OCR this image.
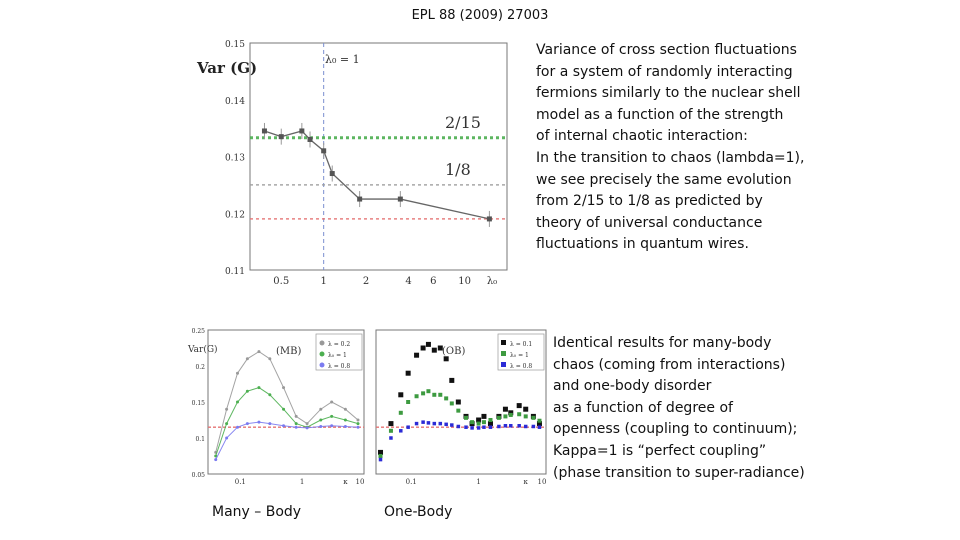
EPL 88 (2009) 27003
2/15
1/8
0.11
0.12
0.13
0.14
0.15
0.5	1	2	4 6 10 λ₀
Var (G)	λ₀ = 1
Variance of cross section fluctuations
for a system of randomly interacting
fermions similarly to the nuclear shell
model as a function of the strength
of internal chaotic interaction:
In the transition to chaos (lambda=1),
we see precisely the same evolution
from 2/15 to 1/8 as predicted by
theory of universal conductance
fluctuations in quantum wires.
0.25
0.2
0.15
0.1
0.05
0.1	1	κ 10
Var(G)	(MB)
λ = 0.2
λ₀ = 1
λ = 0.8
0.1	1	κ 10
(OB)
λ = 0.1
λ₀ = 1
λ = 0.8
Identical results for many-body
chaos (coming from interactions)
and one-body disorder
as a function of degree of
openness (coupling to continuum);
Kappa=1 is “perfect coupling”
(phase transition to super-radiance)
Many – Body	One-Body
